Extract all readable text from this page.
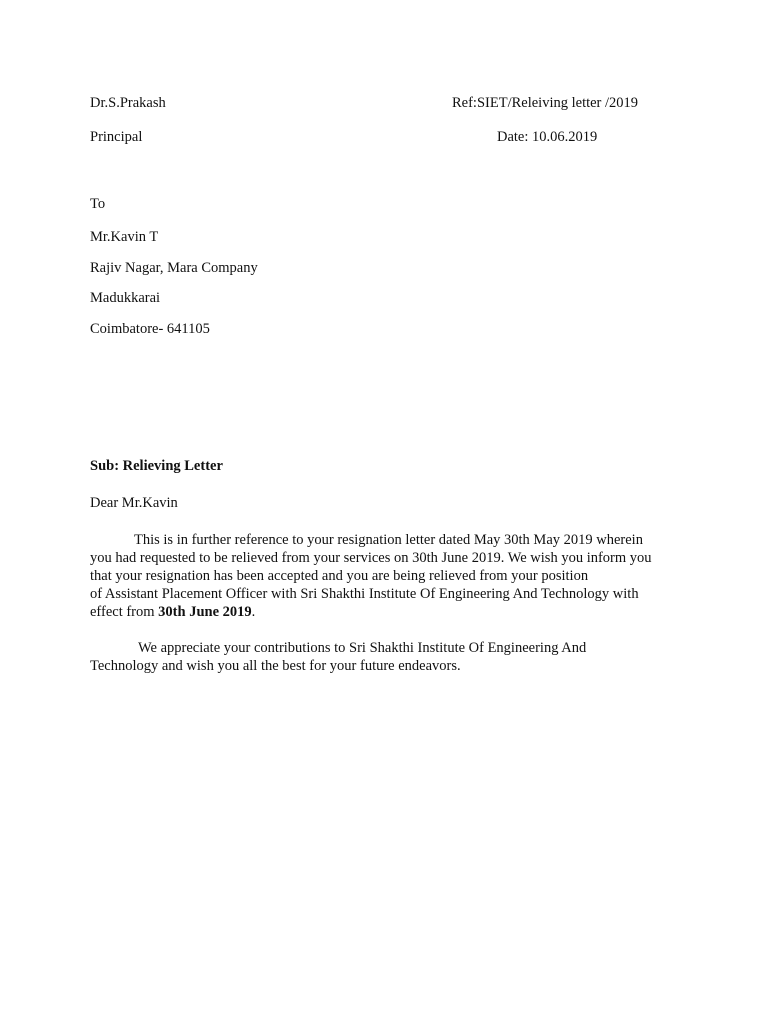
Dr.S.Prakash	Ref:SIET/Releiving letter /2019
Principal	Date: 10.06.2019
To
Mr.Kavin T
Rajiv Nagar, Mara Company
Madukkarai
Coimbatore- 641105
Sub: Relieving Letter
Dear Mr.Kavin
This is in further reference to your resignation letter dated May 30th May 2019 wherein
you had requested to be relieved from your services on 30th June 2019. We wish you inform you
that your resignation has been accepted and you are being relieved from your position
of Assistant Placement Officer with Sri Shakthi Institute Of Engineering And Technology with
effect from 30th June 2019.
We appreciate your contributions to Sri Shakthi Institute Of Engineering And
Technology and wish you all the best for your future endeavors.
